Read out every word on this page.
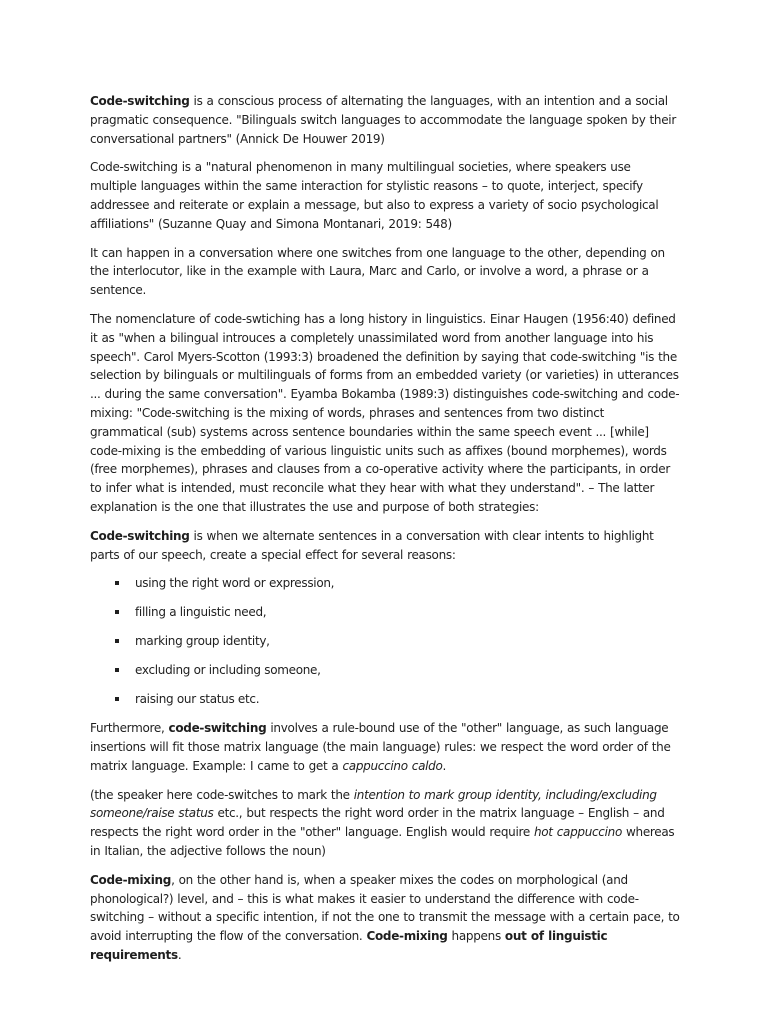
Code-switching is a conscious process of alternating the languages, with an intention and a social pragmatic consequence. "Bilinguals switch languages to accommodate the language spoken by their conversational partners" (Annick De Houwer 2019)

Code-switching is a "natural phenomenon in many multilingual societies, where speakers use multiple languages within the same interaction for stylistic reasons – to quote, interject, specify addressee and reiterate or explain a message, but also to express a variety of socio psychological affiliations" (Suzanne Quay and Simona Montanari, 2019: 548)

It can happen in a conversation where one switches from one language to the other, depending on the interlocutor, like in the example with Laura, Marc and Carlo, or involve a word, a phrase or a sentence.

The nomenclature of code-swtiching has a long history in linguistics. Einar Haugen (1956:40) defined it as "when a bilingual introuces a completely unassimilated word from another language into his speech". Carol Myers-Scotton (1993:3) broadened the definition by saying that code-switching "is the selection by bilinguals or multilinguals of forms from an embedded variety (or varieties) in utterances ... during the same conversation". Eyamba Bokamba (1989:3) distinguishes code-switching and code-mixing: "Code-switching is the mixing of words, phrases and sentences from two distinct grammatical (sub) systems across sentence boundaries within the same speech event ... [while] code-mixing is the embedding of various linguistic units such as affixes (bound morphemes), words (free morphemes), phrases and clauses from a co-operative activity where the participants, in order to infer what is intended, must reconcile what they hear with what they understand". – The latter explanation is the one that illustrates the use and purpose of both strategies:

Code-switching is when we alternate sentences in a conversation with clear intents to highlight parts of our speech, create a special effect for several reasons:

using the right word or expression,
filling a linguistic need,
marking group identity,
excluding or including someone,
raising our status etc.

Furthermore, code-switching involves a rule-bound use of the "other" language, as such language insertions will fit those matrix language (the main language) rules: we respect the word order of the matrix language. Example: I came to get a cappuccino caldo.

(the speaker here code-switches to mark the intention to mark group identity, including/excluding someone/raise status etc., but respects the right word order in the matrix language – English – and respects the right word order in the "other" language. English would require hot cappuccino whereas in Italian, the adjective follows the noun)

Code-mixing, on the other hand is, when a speaker mixes the codes on morphological (and phonological?) level, and – this is what makes it easier to understand the difference with code-switching – without a specific intention, if not the one to transmit the message with a certain pace, to avoid interrupting the flow of the conversation. Code-mixing happens out of linguistic requirements.
